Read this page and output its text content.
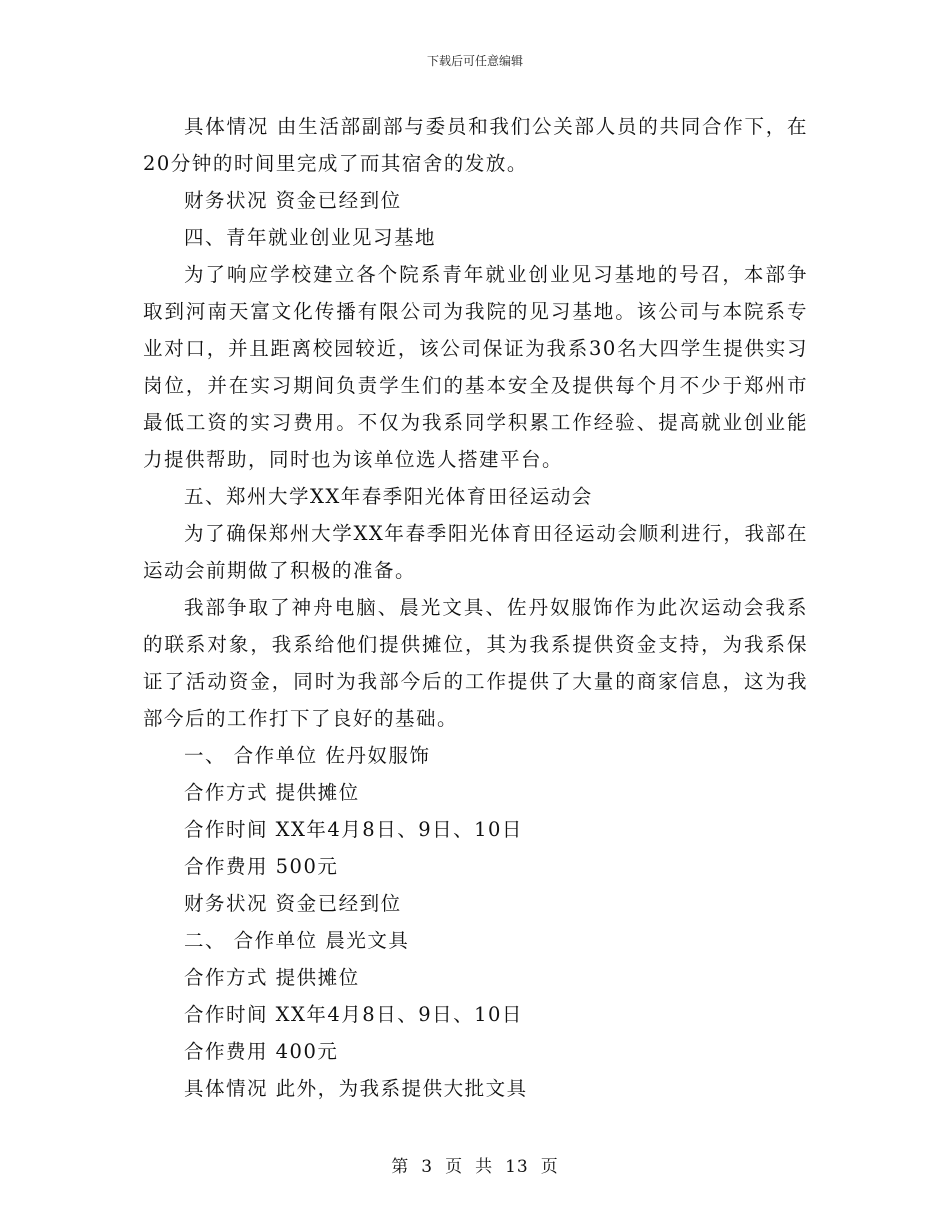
下载后可任意编辑

具体情况 由生活部副部与委员和我们公关部人员的共同合作下，在20分钟的时间里完成了而其宿舍的发放。

财务状况 资金已经到位

四、青年就业创业见习基地

为了响应学校建立各个院系青年就业创业见习基地的号召，本部争取到河南天富文化传播有限公司为我院的见习基地。该公司与本院系专业对口，并且距离校园较近，该公司保证为我系30名大四学生提供实习岗位，并在实习期间负责学生们的基本安全及提供每个月不少于郑州市最低工资的实习费用。不仅为我系同学积累工作经验、提高就业创业能力提供帮助，同时也为该单位选人搭建平台。

五、郑州大学XX年春季阳光体育田径运动会

为了确保郑州大学XX年春季阳光体育田径运动会顺利进行，我部在运动会前期做了积极的准备。

我部争取了神舟电脑、晨光文具、佐丹奴服饰作为此次运动会我系的联系对象，我系给他们提供摊位，其为我系提供资金支持，为我系保证了活动资金，同时为我部今后的工作提供了大量的商家信息，这为我部今后的工作打下了良好的基础。

一、 合作单位 佐丹奴服饰

合作方式 提供摊位

合作时间 XX年4月8日、9日、10日

合作费用 500元

财务状况 资金已经到位

二、 合作单位 晨光文具

合作方式 提供摊位

合作时间 XX年4月8日、9日、10日

合作费用 400元

具体情况 此外，为我系提供大批文具

第 3 页 共 13 页
